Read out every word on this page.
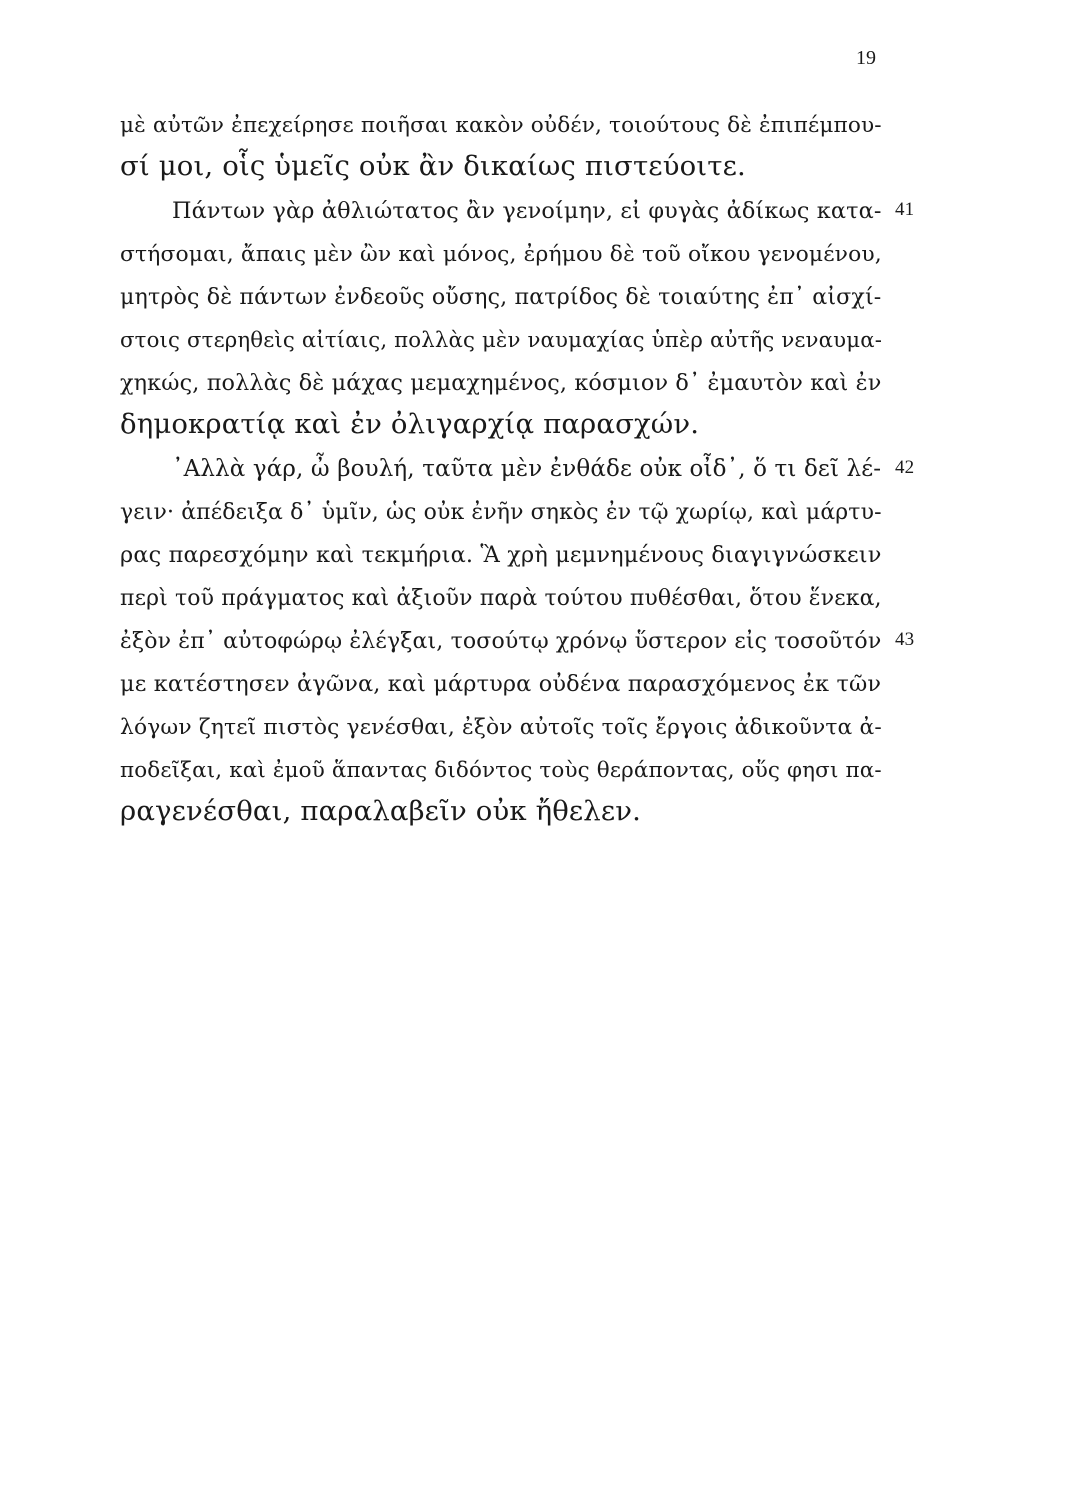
19
μὲ αὐτῶν ἐπεχείρησε ποιῆσαι κακὸν οὐδέν, τοιούτους δὲ ἐπιπέμπου-
σί μοι, οἷς ὑμεῖς οὐκ ἂν δικαίως πιστεύοιτε.
Πάντων γὰρ ἀθλιώτατος ἂν γενοίμην, εἰ φυγὰς ἀδίκως κατα- 41
στήσομαι, ἄπαις μὲν ὢν καὶ μόνος, ἐρήμου δὲ τοῦ οἴκου γενομένου,
μητρὸς δὲ πάντων ἐνδεοῦς οὔσης, πατρίδος δὲ τοιαύτης ἐπ᾽ αἰσχί-
στοις στερηθεὶς αἰτίαις, πολλὰς μὲν ναυμαχίας ὑπὲρ αὐτῆς νεναυμα-
χηκώς, πολλὰς δὲ μάχας μεμαχημένος, κόσμιον δ᾽ ἐμαυτὸν καὶ ἐν
δημοκρατίᾳ καὶ ἐν ὀλιγαρχίᾳ παρασχών.
᾽Αλλὰ γάρ, ὦ βουλή, ταῦτα μὲν ἐνθάδε οὐκ οἶδ᾽, ὅ τι δεῖ λέ- 42
γειν· ἀπέδειξα δ᾽ ὑμῖν, ὡς οὐκ ἐνῆν σηκὸς ἐν τῷ χωρίῳ, καὶ μάρτυ-
ρας παρεσχόμην καὶ τεκμήρια. Ἃ χρὴ μεμνημένους διαγιγνώσκειν
περὶ τοῦ πράγματος καὶ ἀξιοῦν παρὰ τούτου πυθέσθαι, ὅτου ἕνεκα,
ἐξὸν ἐπ᾽ αὐτοφώρῳ ἐλέγξαι, τοσούτῳ χρόνῳ ὕστερον εἰς τοσοῦτόν 43
με κατέστησεν ἀγῶνα, καὶ μάρτυρα οὐδένα παρασχόμενος ἐκ τῶν
λόγων ζητεῖ πιστὸς γενέσθαι, ἐξὸν αὐτοῖς τοῖς ἔργοις ἀδικοῦντα ἀ-
ποδεῖξαι, καὶ ἐμοῦ ἅπαντας διδόντος τοὺς θεράποντας, οὕς φησι πα-
ραγενέσθαι, παραλαβεῖν οὐκ ἤθελεν.
